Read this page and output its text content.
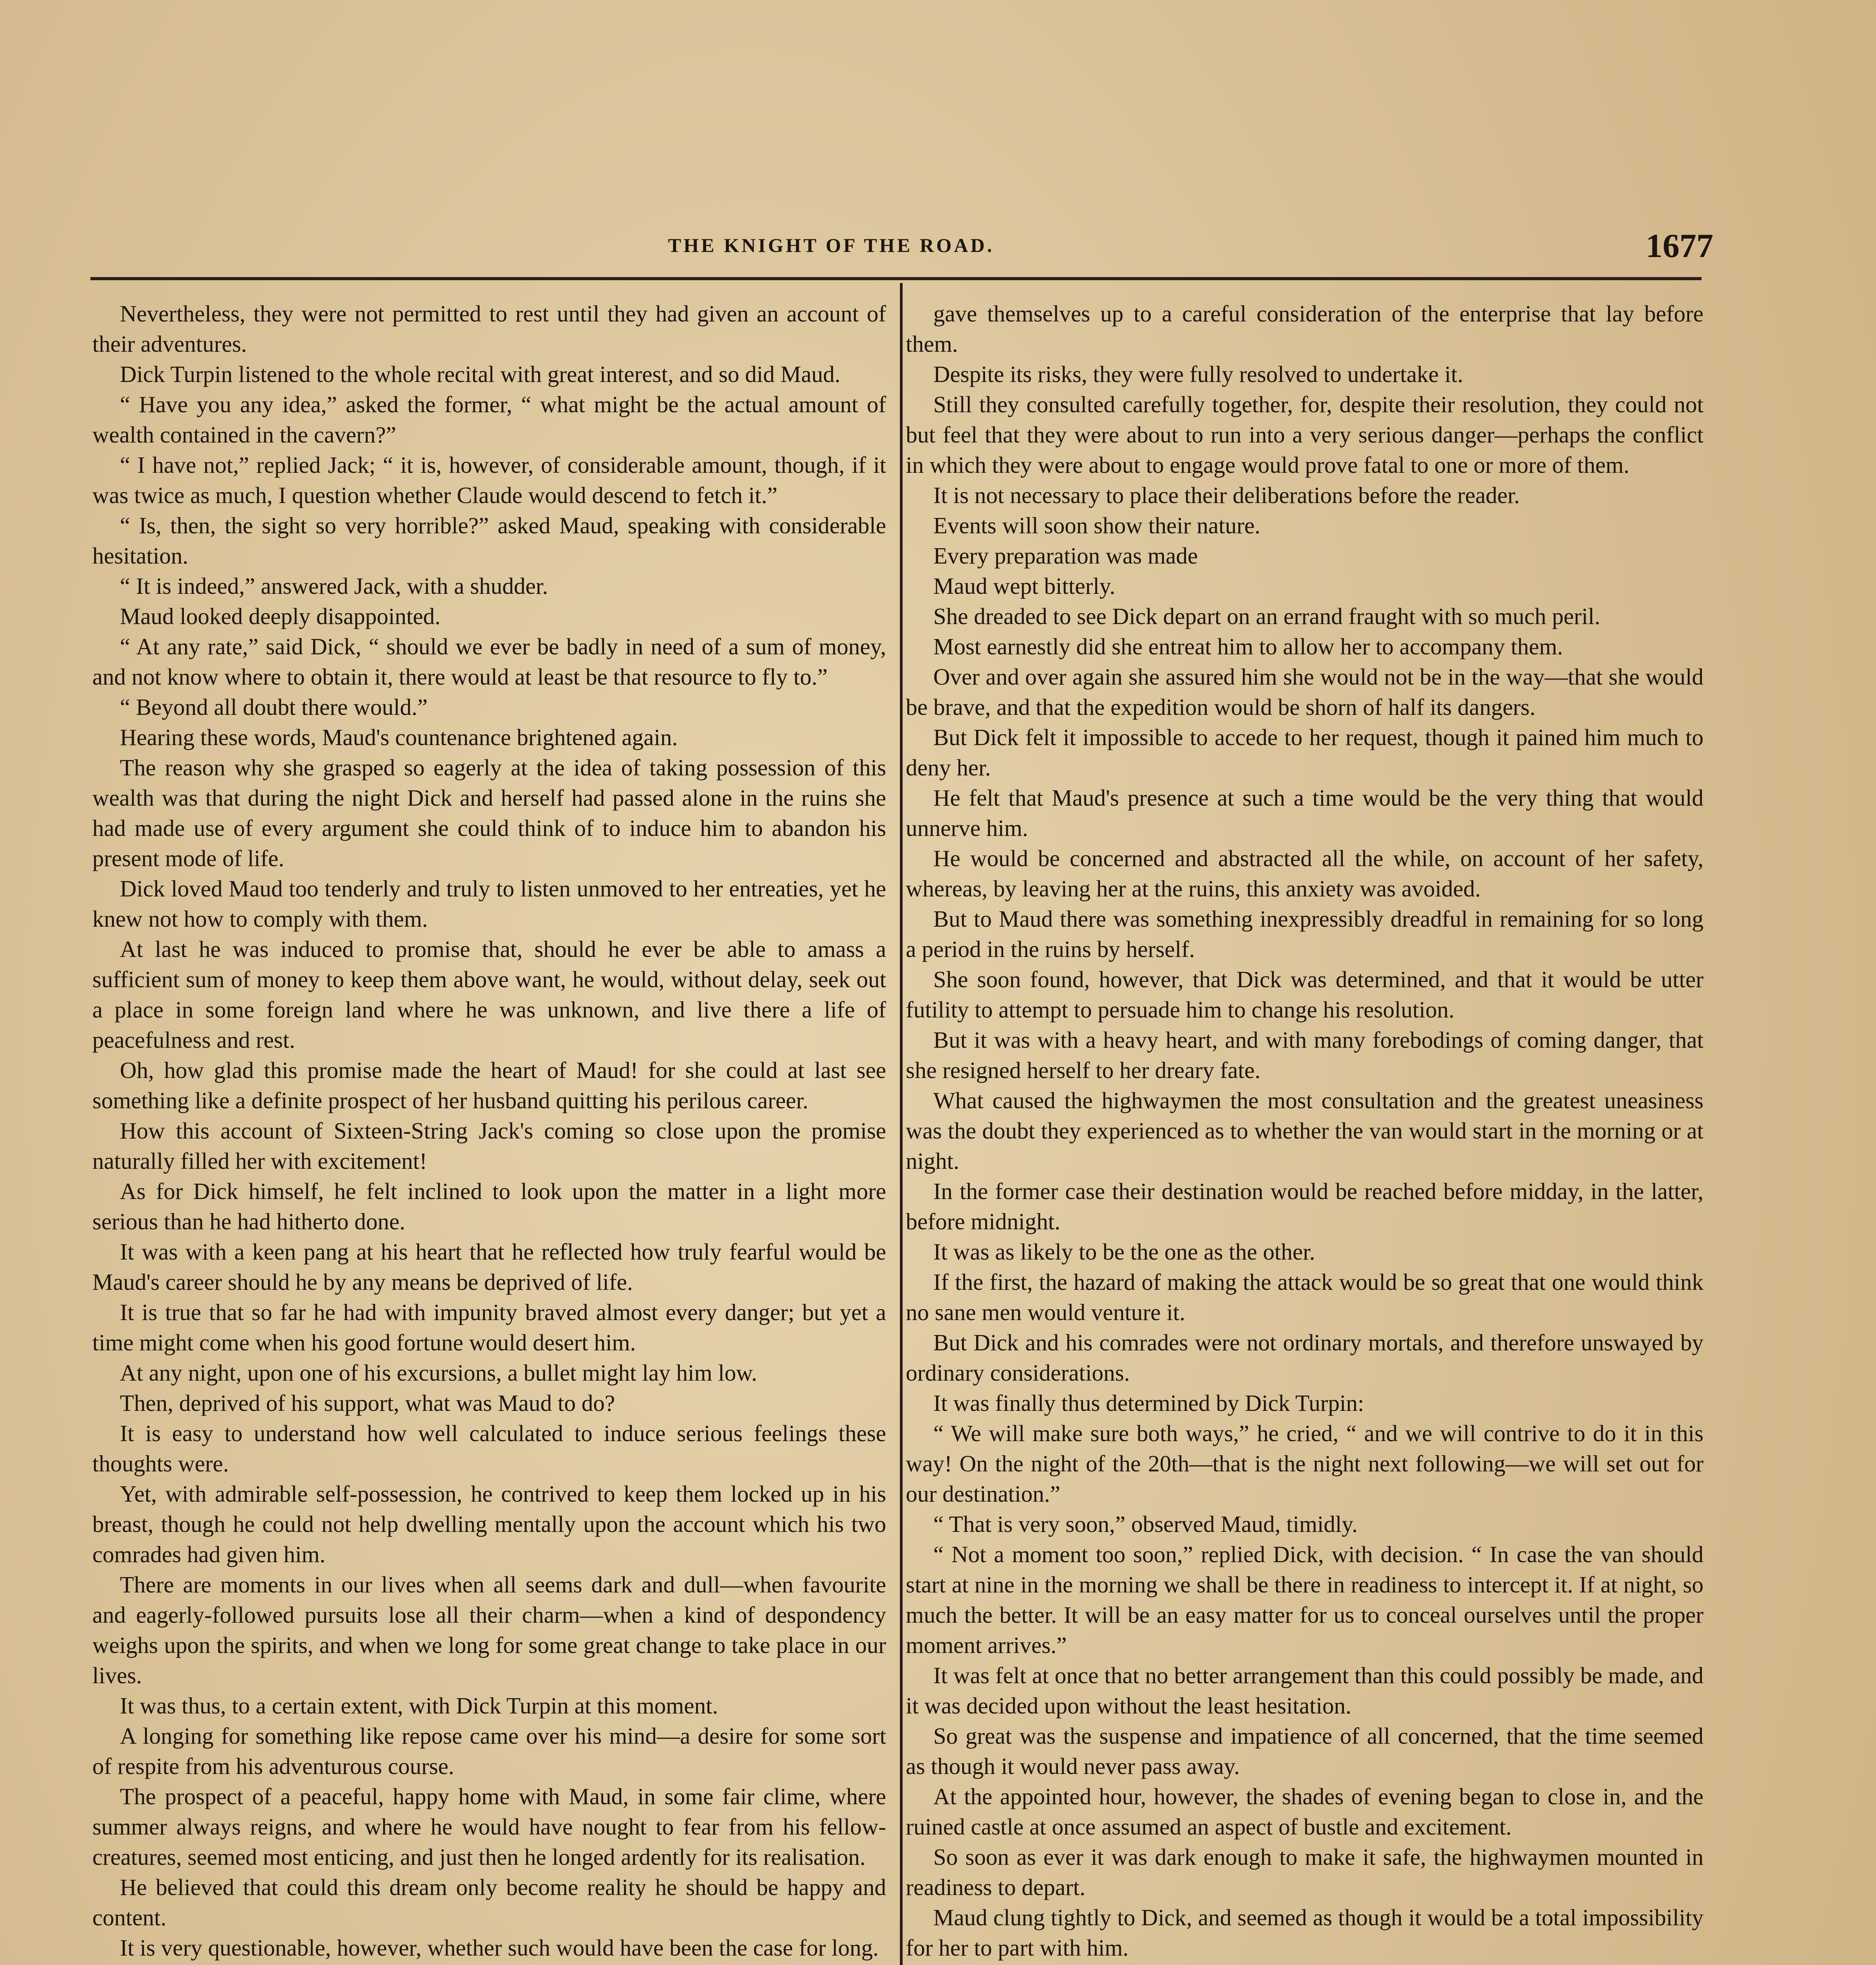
THE KNIGHT OF THE ROAD.	1677

Nevertheless, they were not permitted to rest until they had given an account of their adventures.

Dick Turpin listened to the whole recital with great interest, and so did Maud.

“ Have you any idea,” asked the former, “ what might be the actual amount of wealth contained in the cavern?”

“ I have not,” replied Jack; “ it is, however, of considerable amount, though, if it was twice as much, I question whether Claude would descend to fetch it.”

“ Is, then, the sight so very horrible?” asked Maud, speaking with considerable hesitation.

“ It is indeed,” answered Jack, with a shudder.

Maud looked deeply disappointed.

“ At any rate,” said Dick, “ should we ever be badly in need of a sum of money, and not know where to obtain it, there would at least be that resource to fly to.”

“ Beyond all doubt there would.”

Hearing these words, Maud's countenance brightened again.

The reason why she grasped so eagerly at the idea of taking possession of this wealth was that during the night Dick and herself had passed alone in the ruins she had made use of every argument she could think of to induce him to abandon his present mode of life.

Dick loved Maud too tenderly and truly to listen unmoved to her entreaties, yet he knew not how to comply with them.

At last he was induced to promise that, should he ever be able to amass a sufficient sum of money to keep them above want, he would, without delay, seek out a place in some foreign land where he was unknown, and live there a life of peacefulness and rest.

Oh, how glad this promise made the heart of Maud! for she could at last see something like a definite prospect of her husband quitting his perilous career.

How this account of Sixteen-String Jack's coming so close upon the promise naturally filled her with excitement!

As for Dick himself, he felt inclined to look upon the matter in a light more serious than he had hitherto done.

It was with a keen pang at his heart that he reflected how truly fearful would be Maud's career should he by any means be deprived of life.

It is true that so far he had with impunity braved almost every danger; but yet a time might come when his good fortune would desert him.

At any night, upon one of his excursions, a bullet might lay him low.

Then, deprived of his support, what was Maud to do?

It is easy to understand how well calculated to induce serious feelings these thoughts were.

Yet, with admirable self-possession, he contrived to keep them locked up in his breast, though he could not help dwelling mentally upon the account which his two comrades had given him.

There are moments in our lives when all seems dark and dull—when favourite and eagerly-followed pursuits lose all their charm—when a kind of despondency weighs upon the spirits, and when we long for some great change to take place in our lives.

It was thus, to a certain extent, with Dick Turpin at this moment.

A longing for something like repose came over his mind—a desire for some sort of respite from his adventurous course.

The prospect of a peaceful, happy home with Maud, in some fair clime, where summer always reigns, and where he would have nought to fear from his fellow-creatures, seemed most enticing, and just then he longed ardently for its realisation.

He believed that could this dream only become reality he should be happy and content.

It is very questionable, however, whether such would have been the case for long.

gave themselves up to a careful consideration of the enterprise that lay before them.

Despite its risks, they were fully resolved to undertake it.

Still they consulted carefully together, for, despite their resolution, they could not but feel that they were about to run into a very serious danger—perhaps the conflict in which they were about to engage would prove fatal to one or more of them.

It is not necessary to place their deliberations before the reader.

Events will soon show their nature.

Every preparation was made

Maud wept bitterly.

She dreaded to see Dick depart on an errand fraught with so much peril.

Most earnestly did she entreat him to allow her to accompany them.

Over and over again she assured him she would not be in the way—that she would be brave, and that the expedition would be shorn of half its dangers.

But Dick felt it impossible to accede to her request, though it pained him much to deny her.

He felt that Maud's presence at such a time would be the very thing that would unnerve him.

He would be concerned and abstracted all the while, on account of her safety, whereas, by leaving her at the ruins, this anxiety was avoided.

But to Maud there was something inexpressibly dreadful in remaining for so long a period in the ruins by herself.

She soon found, however, that Dick was determined, and that it would be utter futility to attempt to persuade him to change his resolution.

But it was with a heavy heart, and with many forebodings of coming danger, that she resigned herself to her dreary fate.

What caused the highwaymen the most consultation and the greatest uneasiness was the doubt they experienced as to whether the van would start in the morning or at night.

In the former case their destination would be reached before midday, in the latter, before midnight.

It was as likely to be the one as the other.

If the first, the hazard of making the attack would be so great that one would think no sane men would venture it.

But Dick and his comrades were not ordinary mortals, and therefore unswayed by ordinary considerations.

It was finally thus determined by Dick Turpin:

“ We will make sure both ways,” he cried, “ and we will contrive to do it in this way! On the night of the 20th—that is the night next following—we will set out for our destination.”

“ That is very soon,” observed Maud, timidly.

“ Not a moment too soon,” replied Dick, with decision. “ In case the van should start at nine in the morning we shall be there in readiness to intercept it. If at night, so much the better. It will be an easy matter for us to conceal ourselves until the proper moment arrives.”

It was felt at once that no better arrangement than this could possibly be made, and it was decided upon without the least hesitation.

So great was the suspense and impatience of all concerned, that the time seemed as though it would never pass away.

At the appointed hour, however, the shades of evening began to close in, and the ruined castle at once assumed an aspect of bustle and excitement.

So soon as ever it was dark enough to make it safe, the highwaymen mounted in readiness to depart.

Maud clung tightly to Dick, and seemed as though it would be a total impossibility for her to part with him.
